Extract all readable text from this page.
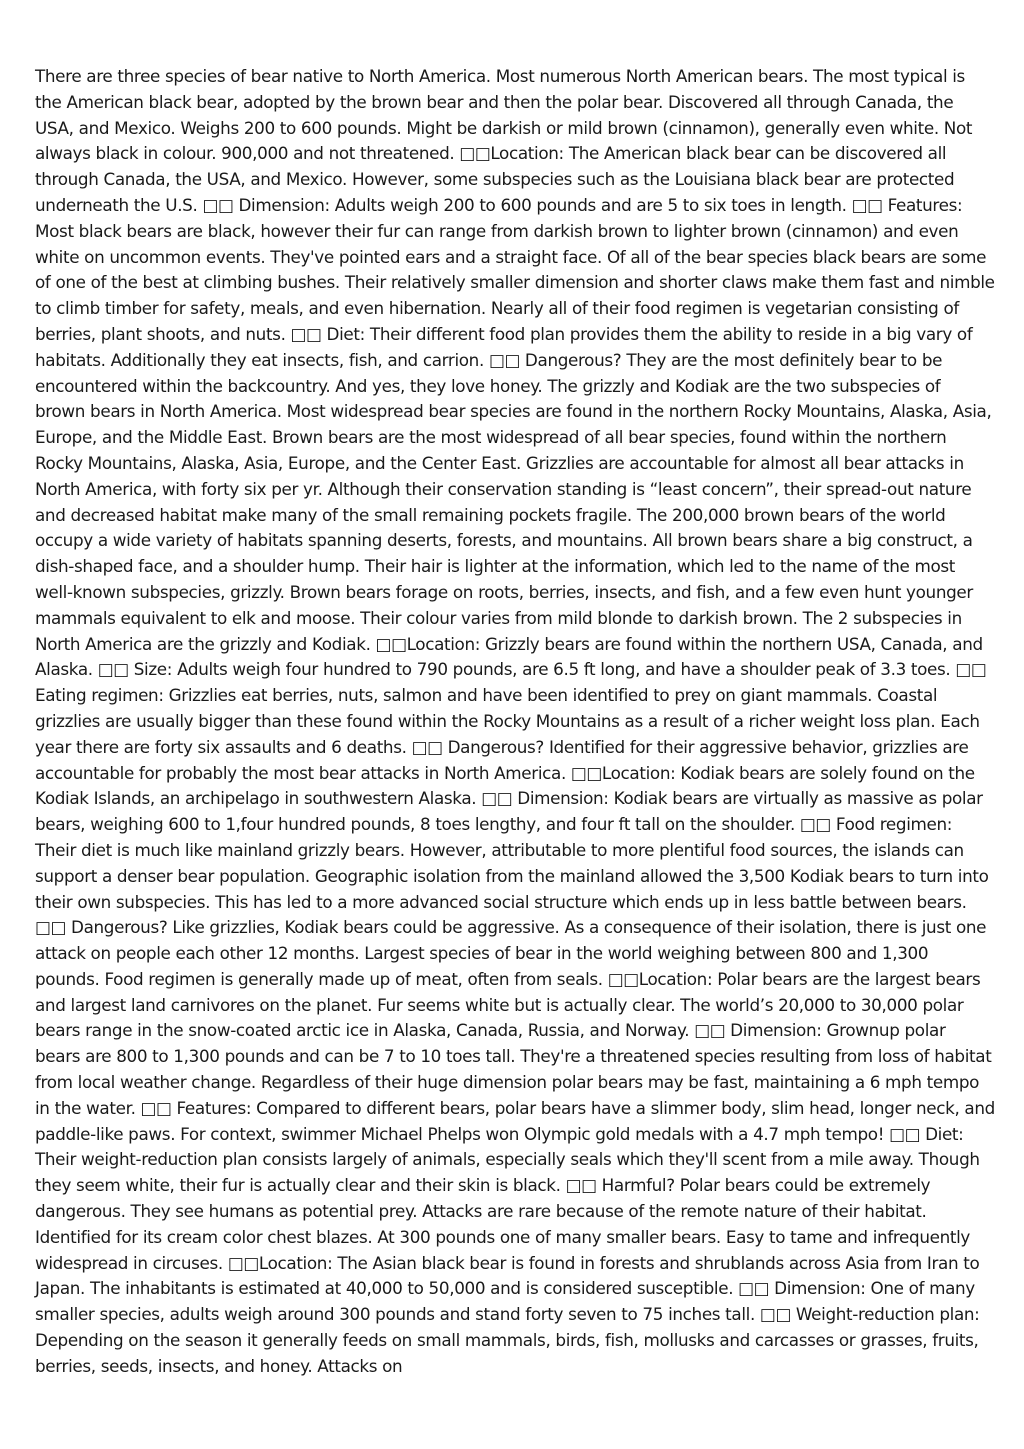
There are three species of bear native to North America. Most numerous North American bears. The most typical is the American black bear, adopted by the brown bear and then the polar bear. Discovered all through Canada, the USA, and Mexico. Weighs 200 to 600 pounds. Might be darkish or mild brown (cinnamon), generally even white. Not always black in colour. 900,000 and not threatened. □□Location: The American black bear can be discovered all through Canada, the USA, and Mexico. However, some subspecies such as the Louisiana black bear are protected underneath the U.S. □□ Dimension: Adults weigh 200 to 600 pounds and are 5 to six toes in length. □□ Features: Most black bears are black, however their fur can range from darkish brown to lighter brown (cinnamon) and even white on uncommon events. They've pointed ears and a straight face. Of all of the bear species black bears are some of one of the best at climbing bushes. Their relatively smaller dimension and shorter claws make them fast and nimble to climb timber for safety, meals, and even hibernation. Nearly all of their food regimen is vegetarian consisting of berries, plant shoots, and nuts. □□ Diet: Their different food plan provides them the ability to reside in a big vary of habitats. Additionally they eat insects, fish, and carrion. □□ Dangerous? They are the most definitely bear to be encountered within the backcountry. And yes, they love honey. The grizzly and Kodiak are the two subspecies of brown bears in North America. Most widespread bear species are found in the northern Rocky Mountains, Alaska, Asia, Europe, and the Middle East. Brown bears are the most widespread of all bear species, found within the northern Rocky Mountains, Alaska, Asia, Europe, and the Center East. Grizzlies are accountable for almost all bear attacks in North America, with forty six per yr. Although their conservation standing is “least concern”, their spread-out nature and decreased habitat make many of the small remaining pockets fragile. The 200,000 brown bears of the world occupy a wide variety of habitats spanning deserts, forests, and mountains. All brown bears share a big construct, a dish-shaped face, and a shoulder hump. Their hair is lighter at the information, which led to the name of the most well-known subspecies, grizzly. Brown bears forage on roots, berries, insects, and fish, and a few even hunt younger mammals equivalent to elk and moose. Their colour varies from mild blonde to darkish brown. The 2 subspecies in North America are the grizzly and Kodiak. □□Location: Grizzly bears are found within the northern USA, Canada, and Alaska. □□ Size: Adults weigh four hundred to 790 pounds, are 6.5 ft long, and have a shoulder peak of 3.3 toes. □□ Eating regimen: Grizzlies eat berries, nuts, salmon and have been identified to prey on giant mammals. Coastal grizzlies are usually bigger than these found within the Rocky Mountains as a result of a richer weight loss plan. Each year there are forty six assaults and 6 deaths. □□ Dangerous? Identified for their aggressive behavior, grizzlies are accountable for probably the most bear attacks in North America. □□Location: Kodiak bears are solely found on the Kodiak Islands, an archipelago in southwestern Alaska. □□ Dimension: Kodiak bears are virtually as massive as polar bears, weighing 600 to 1,four hundred pounds, 8 toes lengthy, and four ft tall on the shoulder. □□ Food regimen: Their diet is much like mainland grizzly bears. However, attributable to more plentiful food sources, the islands can support a denser bear population. Geographic isolation from the mainland allowed the 3,500 Kodiak bears to turn into their own subspecies. This has led to a more advanced social structure which ends up in less battle between bears. □□ Dangerous? Like grizzlies, Kodiak bears could be aggressive. As a consequence of their isolation, there is just one attack on people each other 12 months. Largest species of bear in the world weighing between 800 and 1,300 pounds. Food regimen is generally made up of meat, often from seals. □□Location: Polar bears are the largest bears and largest land carnivores on the planet. Fur seems white but is actually clear. The world’s 20,000 to 30,000 polar bears range in the snow-coated arctic ice in Alaska, Canada, Russia, and Norway. □□ Dimension: Grownup polar bears are 800 to 1,300 pounds and can be 7 to 10 toes tall. They're a threatened species resulting from loss of habitat from local weather change. Regardless of their huge dimension polar bears may be fast, maintaining a 6 mph tempo in the water. □□ Features: Compared to different bears, polar bears have a slimmer body, slim head, longer neck, and paddle-like paws. For context, swimmer Michael Phelps won Olympic gold medals with a 4.7 mph tempo! □□ Diet: Their weight-reduction plan consists largely of animals, especially seals which they'll scent from a mile away. Though they seem white, their fur is actually clear and their skin is black. □□ Harmful? Polar bears could be extremely dangerous. They see humans as potential prey. Attacks are rare because of the remote nature of their habitat. Identified for its cream color chest blazes. At 300 pounds one of many smaller bears. Easy to tame and infrequently widespread in circuses. □□Location: The Asian black bear is found in forests and shrublands across Asia from Iran to Japan. The inhabitants is estimated at 40,000 to 50,000 and is considered susceptible. □□ Dimension: One of many smaller species, adults weigh around 300 pounds and stand forty seven to 75 inches tall. □□ Weight-reduction plan: Depending on the season it generally feeds on small mammals, birds, fish, mollusks and carcasses or grasses, fruits, berries, seeds, insects, and honey. Attacks on
